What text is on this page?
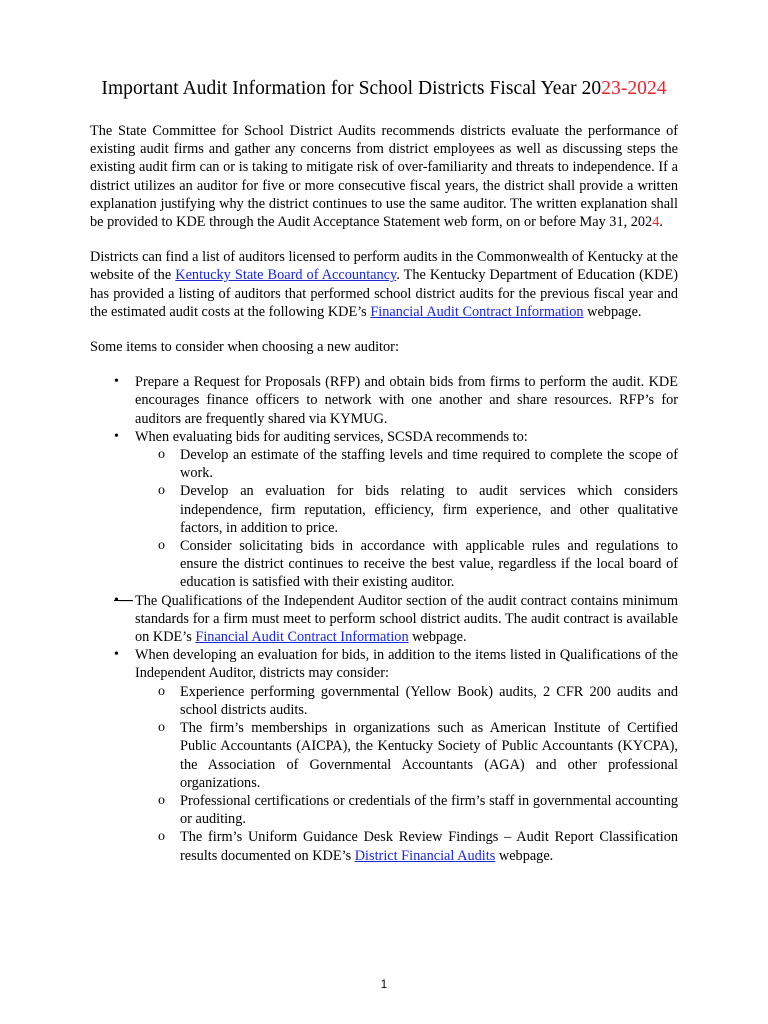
Important Audit Information for School Districts Fiscal Year 2023-2024

The State Committee for School District Audits recommends districts evaluate the performance of existing audit firms and gather any concerns from district employees as well as discussing steps the existing audit firm can or is taking to mitigate risk of over-familiarity and threats to independence. If a district utilizes an auditor for five or more consecutive fiscal years, the district shall provide a written explanation justifying why the district continues to use the same auditor. The written explanation shall be provided to KDE through the Audit Acceptance Statement web form, on or before May 31, 2024.

Districts can find a list of auditors licensed to perform audits in the Commonwealth of Kentucky at the website of the Kentucky State Board of Accountancy. The Kentucky Department of Education (KDE) has provided a listing of auditors that performed school district audits for the previous fiscal year and the estimated audit costs at the following KDE’s Financial Audit Contract Information webpage.

Some items to consider when choosing a new auditor:

• Prepare a Request for Proposals (RFP) and obtain bids from firms to perform the audit. KDE encourages finance officers to network with one another and share resources. RFP’s for auditors are frequently shared via KYMUG.
• When evaluating bids for auditing services, SCSDA recommends to:
o Develop an estimate of the staffing levels and time required to complete the scope of work.
o Develop an evaluation for bids relating to audit services which considers independence, firm reputation, efficiency, firm experience, and other qualitative factors, in addition to price.
o Consider solicitating bids in accordance with applicable rules and regulations to ensure the district continues to receive the best value, regardless if the local board of education is satisfied with their existing auditor.
•— The Qualifications of the Independent Auditor section of the audit contract contains minimum standards for a firm must meet to perform school district audits. The audit contract is available on KDE’s Financial Audit Contract Information webpage.
• When developing an evaluation for bids, in addition to the items listed in Qualifications of the Independent Auditor, districts may consider:
o Experience performing governmental (Yellow Book) audits, 2 CFR 200 audits and school districts audits.
o The firm’s memberships in organizations such as American Institute of Certified Public Accountants (AICPA), the Kentucky Society of Public Accountants (KYCPA), the Association of Governmental Accountants (AGA) and other professional organizations.
o Professional certifications or credentials of the firm’s staff in governmental accounting or auditing.
o The firm’s Uniform Guidance Desk Review Findings – Audit Report Classification results documented on KDE’s District Financial Audits webpage.
1
